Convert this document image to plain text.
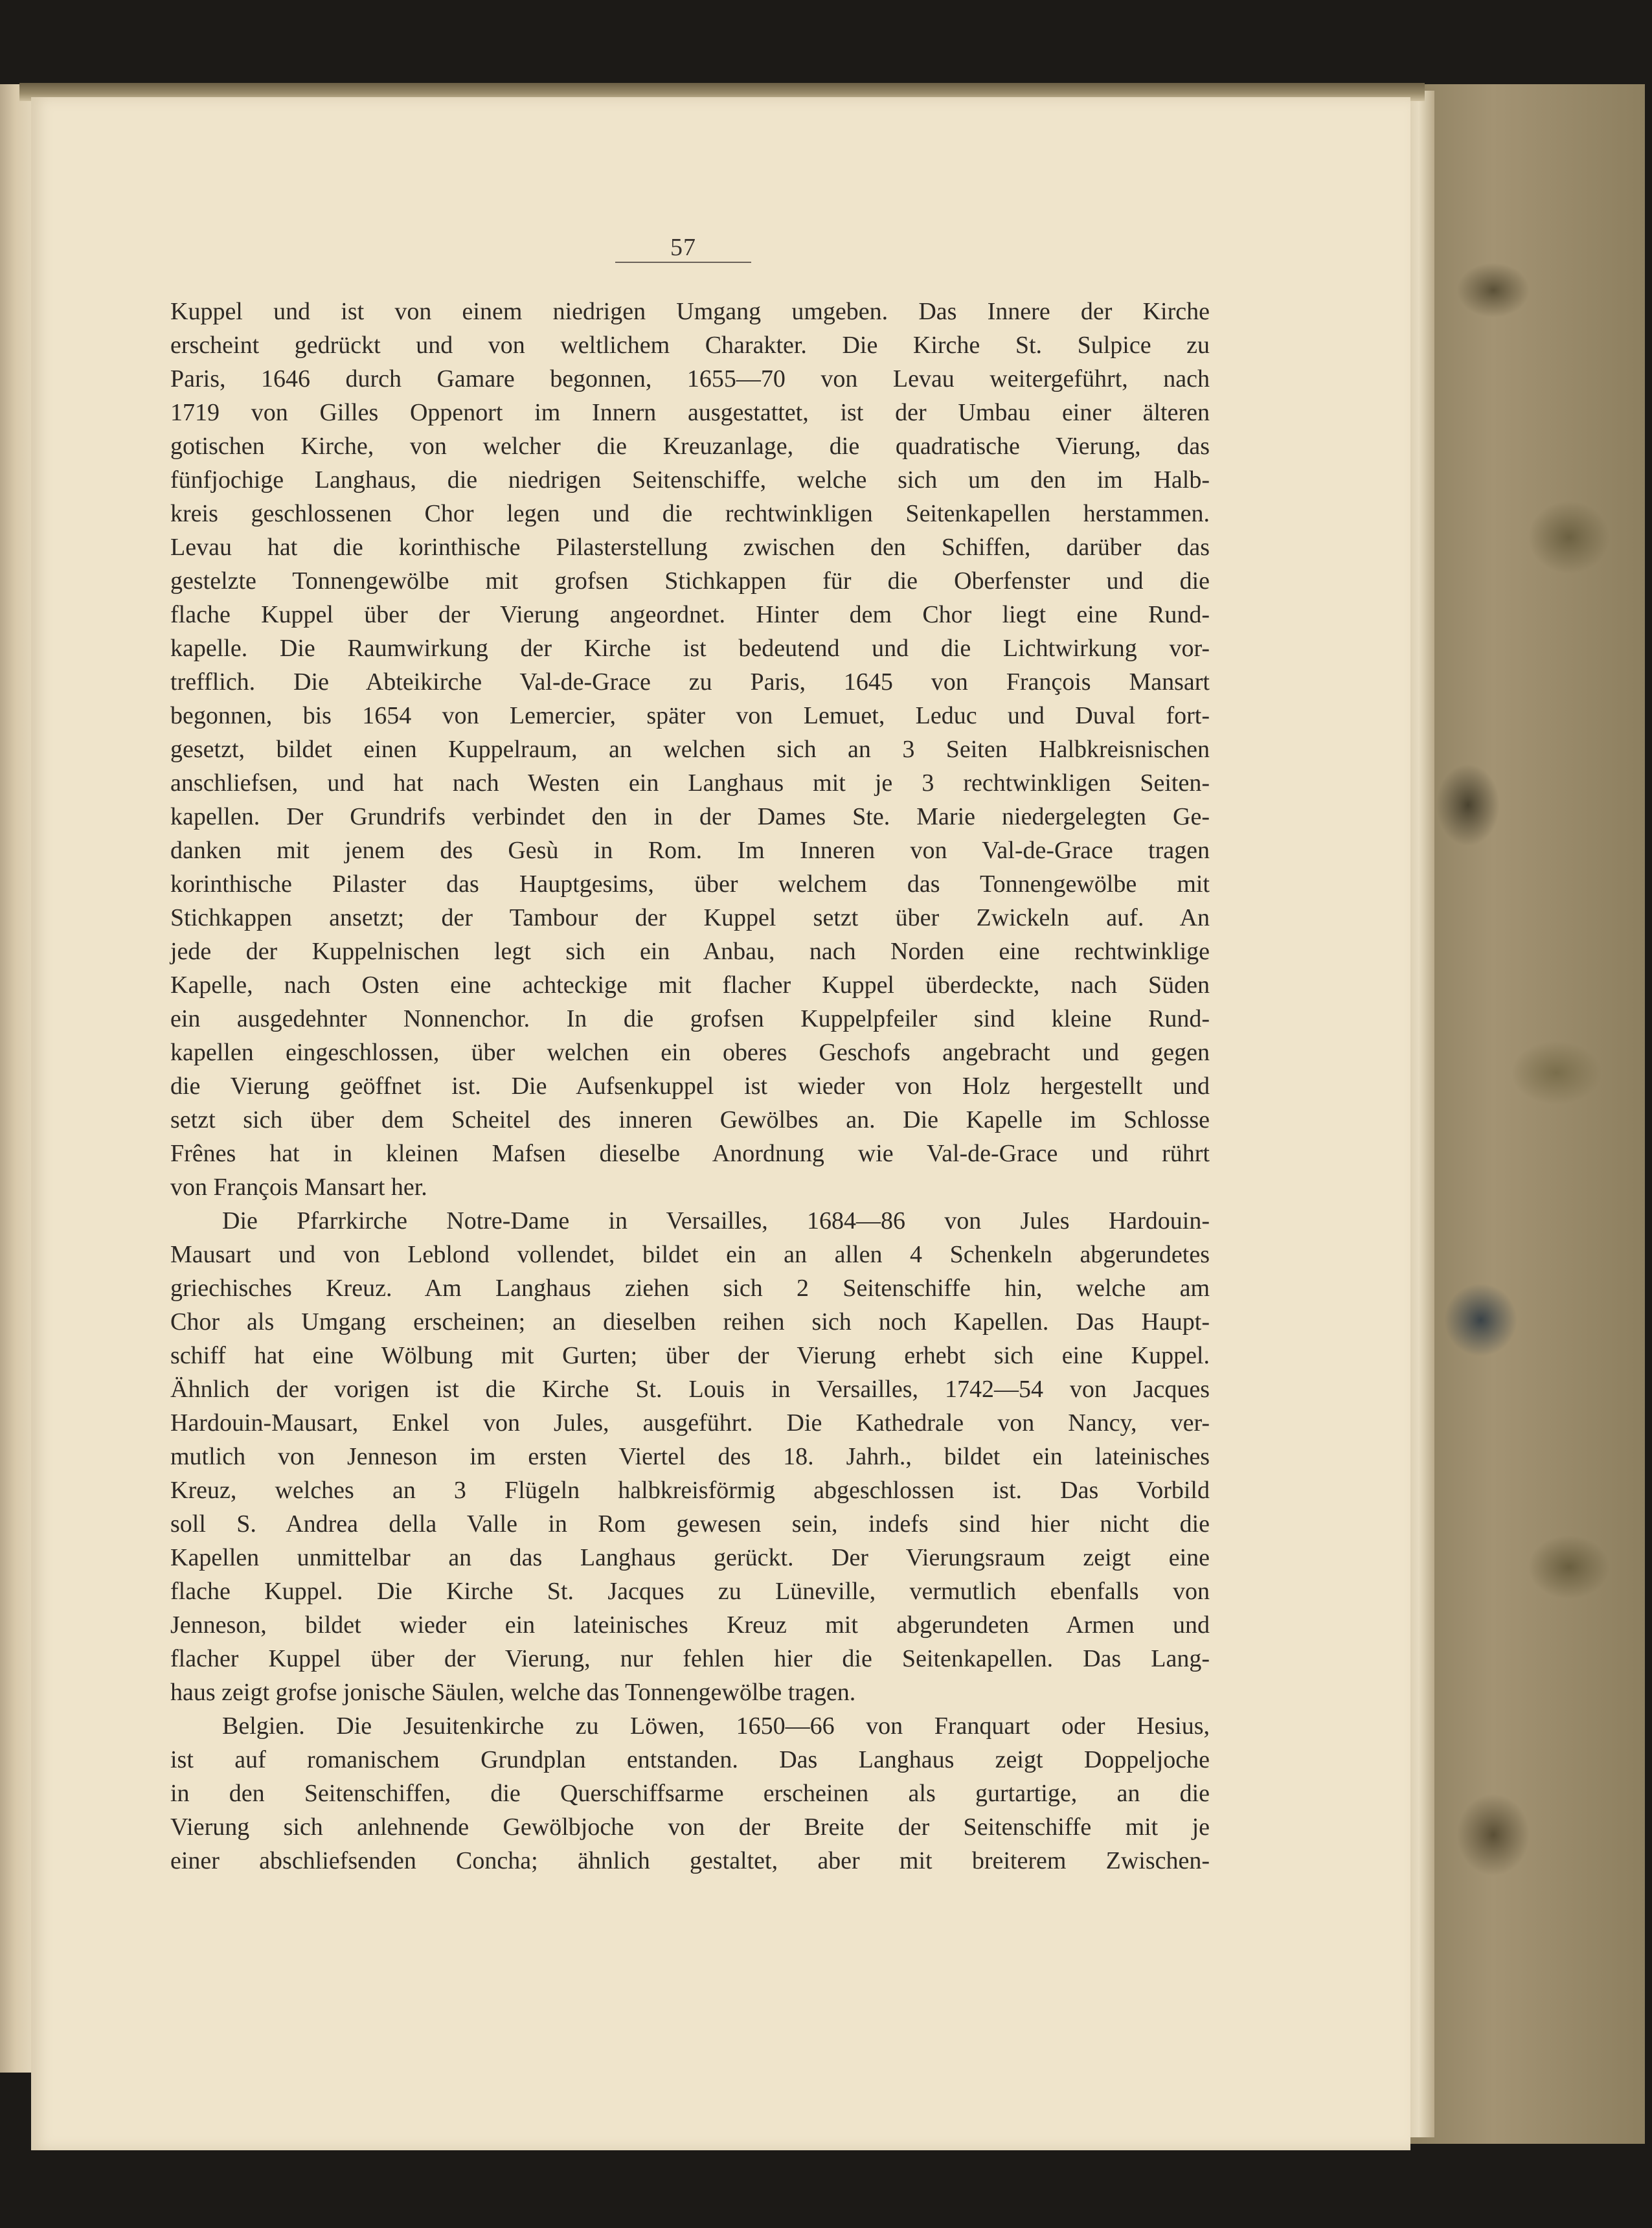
57
Kuppel und ist von einem niedrigen Umgang umgeben. Das Innere der Kirche
erscheint gedrückt und von weltlichem Charakter. Die Kirche St. Sulpice zu
Paris, 1646 durch Gamare begonnen, 1655—70 von Levau weitergeführt, nach
1719 von Gilles Oppenort im Innern ausgestattet, ist der Umbau einer älteren
gotischen Kirche, von welcher die Kreuzanlage, die quadratische Vierung, das
fünfjochige Langhaus, die niedrigen Seitenschiffe, welche sich um den im Halb-
kreis geschlossenen Chor legen und die rechtwinkligen Seitenkapellen herstammen.
Levau hat die korinthische Pilasterstellung zwischen den Schiffen, darüber das
gestelzte Tonnengewölbe mit grofsen Stichkappen für die Oberfenster und die
flache Kuppel über der Vierung angeordnet. Hinter dem Chor liegt eine Rund-
kapelle. Die Raumwirkung der Kirche ist bedeutend und die Lichtwirkung vor-
trefflich. Die Abteikirche Val-de-Grace zu Paris, 1645 von François Mansart
begonnen, bis 1654 von Lemercier, später von Lemuet, Leduc und Duval fort-
gesetzt, bildet einen Kuppelraum, an welchen sich an 3 Seiten Halbkreisnischen
anschliefsen, und hat nach Westen ein Langhaus mit je 3 rechtwinkligen Seiten-
kapellen. Der Grundrifs verbindet den in der Dames Ste. Marie niedergelegten Ge-
danken mit jenem des Gesù in Rom. Im Inneren von Val-de-Grace tragen
korinthische Pilaster das Hauptgesims, über welchem das Tonnengewölbe mit
Stichkappen ansetzt; der Tambour der Kuppel setzt über Zwickeln auf. An
jede der Kuppelnischen legt sich ein Anbau, nach Norden eine rechtwinklige
Kapelle, nach Osten eine achteckige mit flacher Kuppel überdeckte, nach Süden
ein ausgedehnter Nonnenchor. In die grofsen Kuppelpfeiler sind kleine Rund-
kapellen eingeschlossen, über welchen ein oberes Geschofs angebracht und gegen
die Vierung geöffnet ist. Die Aufsenkuppel ist wieder von Holz hergestellt und
setzt sich über dem Scheitel des inneren Gewölbes an. Die Kapelle im Schlosse
Frênes hat in kleinen Mafsen dieselbe Anordnung wie Val-de-Grace und rührt
von François Mansart her.
Die Pfarrkirche Notre-Dame in Versailles, 1684—86 von Jules Hardouin-
Mausart und von Leblond vollendet, bildet ein an allen 4 Schenkeln abgerundetes
griechisches Kreuz. Am Langhaus ziehen sich 2 Seitenschiffe hin, welche am
Chor als Umgang erscheinen; an dieselben reihen sich noch Kapellen. Das Haupt-
schiff hat eine Wölbung mit Gurten; über der Vierung erhebt sich eine Kuppel.
Ähnlich der vorigen ist die Kirche St. Louis in Versailles, 1742—54 von Jacques
Hardouin-Mausart, Enkel von Jules, ausgeführt. Die Kathedrale von Nancy, ver-
mutlich von Jenneson im ersten Viertel des 18. Jahrh., bildet ein lateinisches
Kreuz, welches an 3 Flügeln halbkreisförmig abgeschlossen ist. Das Vorbild
soll S. Andrea della Valle in Rom gewesen sein, indefs sind hier nicht die
Kapellen unmittelbar an das Langhaus gerückt. Der Vierungsraum zeigt eine
flache Kuppel. Die Kirche St. Jacques zu Lüneville, vermutlich ebenfalls von
Jenneson, bildet wieder ein lateinisches Kreuz mit abgerundeten Armen und
flacher Kuppel über der Vierung, nur fehlen hier die Seitenkapellen. Das Lang-
haus zeigt grofse jonische Säulen, welche das Tonnengewölbe tragen.
Belgien. Die Jesuitenkirche zu Löwen, 1650—66 von Franquart oder Hesius,
ist auf romanischem Grundplan entstanden. Das Langhaus zeigt Doppeljoche
in den Seitenschiffen, die Querschiffsarme erscheinen als gurtartige, an die
Vierung sich anlehnende Gewölbjoche von der Breite der Seitenschiffe mit je
einer abschliefsenden Concha; ähnlich gestaltet, aber mit breiterem Zwischen-
